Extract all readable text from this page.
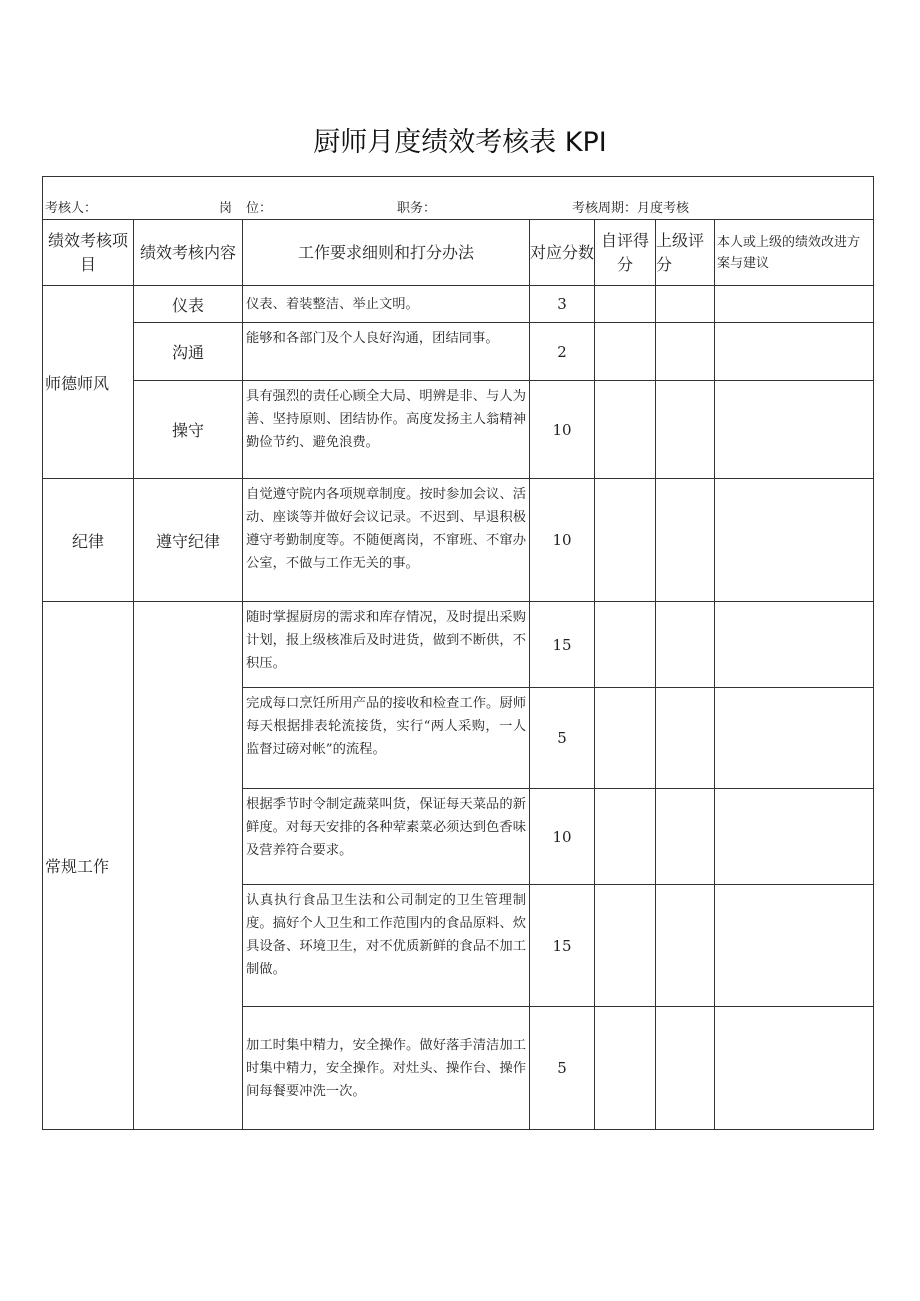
厨师月度绩效考核表 KPI
考核人： 岗 位： 职务： 考核周期：月度考核						

绩效考核项目	绩效考核内容	工作要求细则和打分办法	对应分数	自评得分	上级评分	本人或上级的绩效改进方案与建议
师德师风	仪表	仪表、着装整洁、举止文明。	3			
	沟通	能够和各部门及个人良好沟通，团结同事。	2			
	操守	具有强烈的责任心顾全大局、明辨是非、与人为善、坚持原则、团结协作。高度发扬主人翁精神勤俭节约、避免浪费。	10			
纪律	遵守纪律	自觉遵守院内各项规章制度。按时参加会议、活动、座谈等并做好会议记录。不迟到、早退积极遵守考勤制度等。不随便离岗，不窜班、不窜办公室，不做与工作无关的事。	10			
常规工作		随时掌握厨房的需求和库存情况，及时提出采购计划，报上级核准后及时进货，做到不断供，不积压。	15			
		完成每口烹饪所用产品的接收和检查工作。厨师每天根据排表轮流接货，实行“两人采购，一人监督过磅对帐”的流程。	5			
		根据季节时令制定蔬菜叫货，保证每天菜品的新鲜度。对每天安排的各种荤素菜必须达到色香味及营养符合要求。	10			
		认真执行食品卫生法和公司制定的卫生管理制度。搞好个人卫生和工作范围内的食品原料、炊具设备、环境卫生，对不优质新鲜的食品不加工制做。	15			
		加工时集中精力，安全操作。做好落手清洁加工时集中精力，安全操作。对灶头、操作台、操作间每餐要冲洗一次。	5			
